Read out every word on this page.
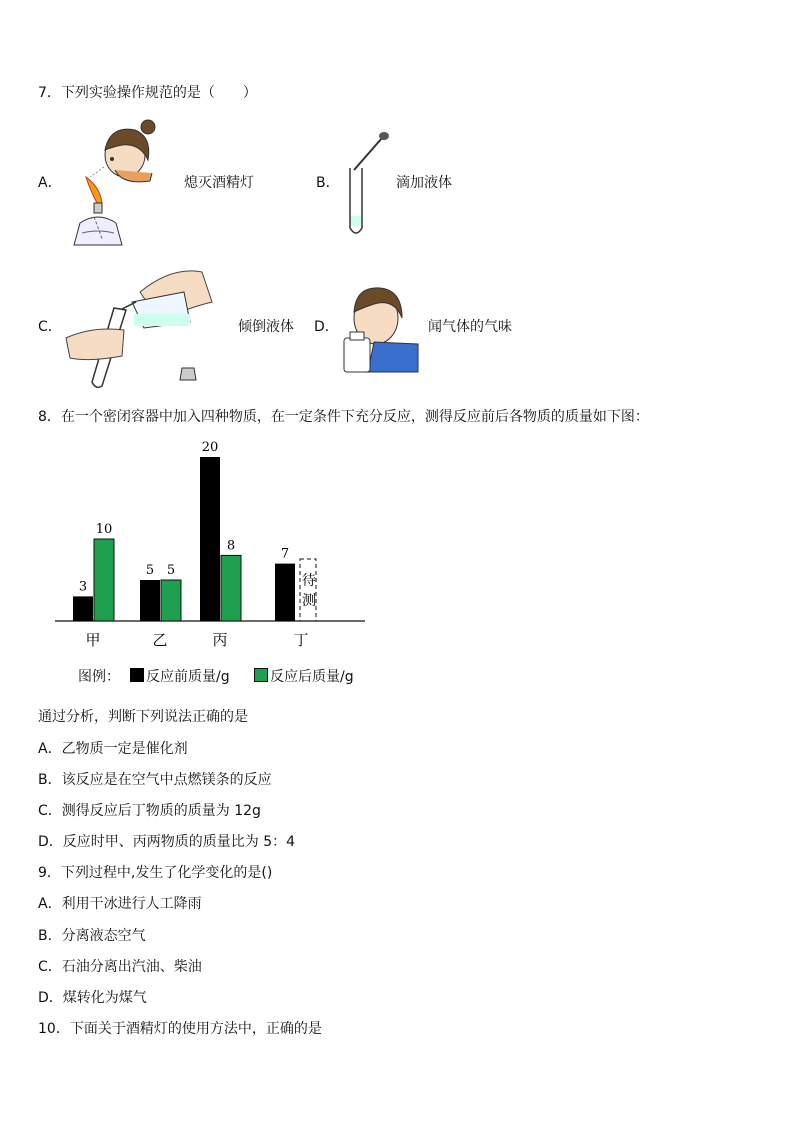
7．下列实验操作规范的是（　　）
A．	熄灭酒精灯	B．	滴加液体
C．	倾倒液体 D．	闻气体的气味
8．在一个密闭容器中加入四种物质，在一定条件下充分反应，测得反应前后各物质的质量如下图：
3
10
甲
5 5
乙
20
8
丙
7
待
测
丁
图例： 反应前质量/g	反应后质量/g
通过分析，判断下列说法正确的是
A．乙物质一定是催化剂
B．该反应是在空气中点燃镁条的反应
C．测得反应后丁物质的质量为 12g
D．反应时甲、丙两物质的质量比为 5：4
9．下列过程中,发生了化学变化的是()
A．利用干冰进行人工降雨
B．分离液态空气
C．石油分离出汽油、柴油
D．煤转化为煤气
10．下面关于酒精灯的使用方法中，正确的是
